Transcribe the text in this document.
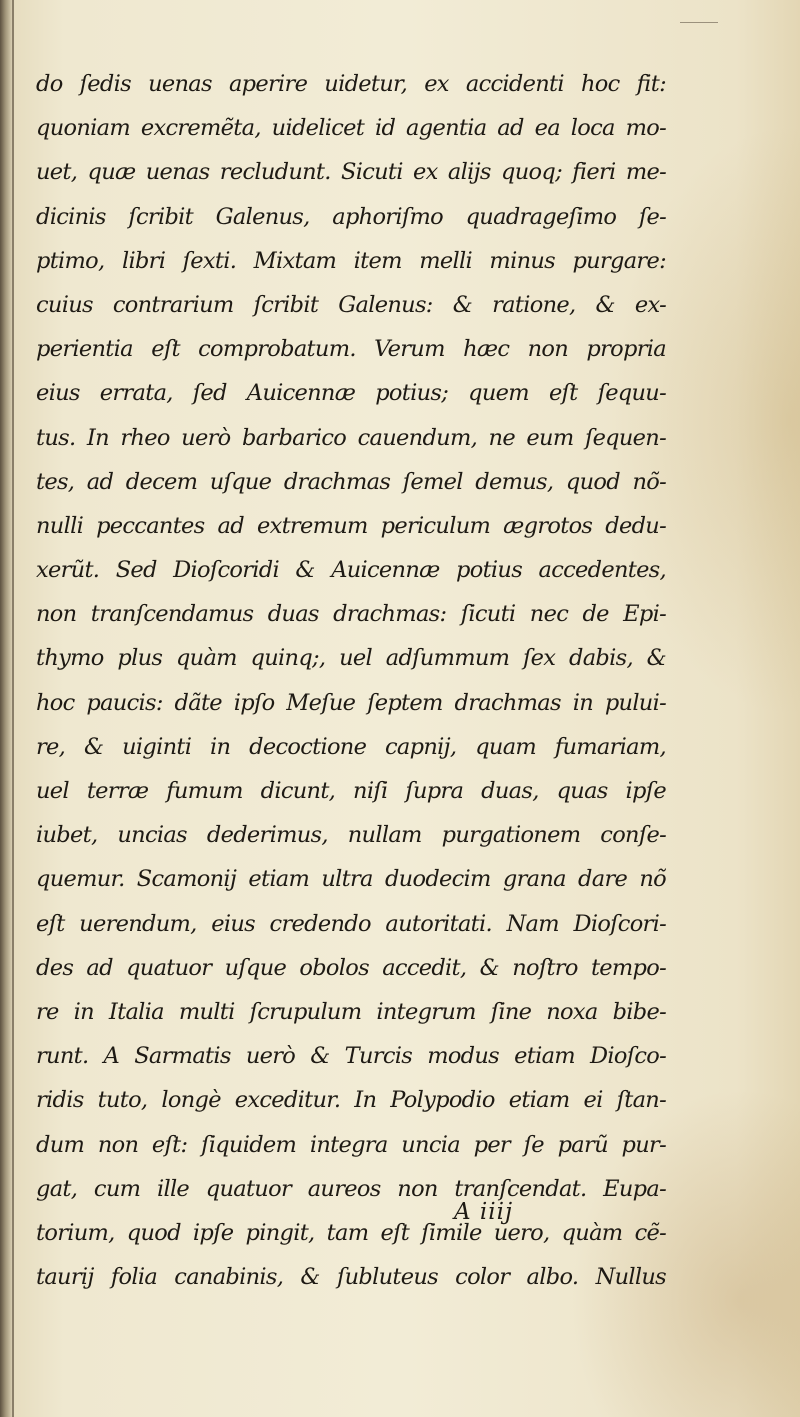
do ſedis uenas aperire uidetur, ex accidenti hoc fit:
quoniam excremẽta, uidelicet id agentia ad ea loca mo-
uet, quæ uenas recludunt. Sicuti ex alijs quoq; fieri me-
dicinis ſcribit Galenus, aphoriſmo quadrageſimo ſe-
ptimo, libri ſexti. Mixtam item melli minus purgare:
cuius contrarium ſcribit Galenus: & ratione, & ex-
perientia eſt comprobatum. Verum hæc non propria
eius errata, ſed Auicennæ potius; quem eſt ſequu-
tus. In rheo uerò barbarico cauendum, ne eum ſequen-
tes, ad decem uſque drachmas ſemel demus, quod nõ-
nulli peccantes ad extremum periculum ægrotos dedu-
xerũt. Sed Dioſcoridi & Auicennæ potius accedentes,
non tranſcendamus duas drachmas: ſicuti nec de Epi-
thymo plus quàm quinq;, uel adſummum ſex dabis, &
hoc paucis: dãte ipſo Meſue ſeptem drachmas in pului-
re, & uiginti in decoctione capnij, quam fumariam,
uel terræ fumum dicunt, niſi ſupra duas, quas ipſe
iubet, uncias dederimus, nullam purgationem conſe-
quemur. Scamonij etiam ultra duodecim grana dare nõ
eſt uerendum, eius credendo autoritati. Nam Dioſcori-
des ad quatuor uſque obolos accedit, & noſtro tempo-
re in Italia multi ſcrupulum integrum ſine noxa bibe-
runt. A Sarmatis uerò & Turcis modus etiam Dioſco-
ridis tuto, longè exceditur. In Polypodio etiam ei ſtan-
dum non eſt: ſiquidem integra uncia per ſe parũ pur-
gat, cum ille quatuor aureos non tranſcendat. Eupa-
torium, quod ipſe pingit, tam eſt ſimile uero, quàm cẽ-
taurij folia canabinis, & ſubluteus color albo. Nullus
A iiij
